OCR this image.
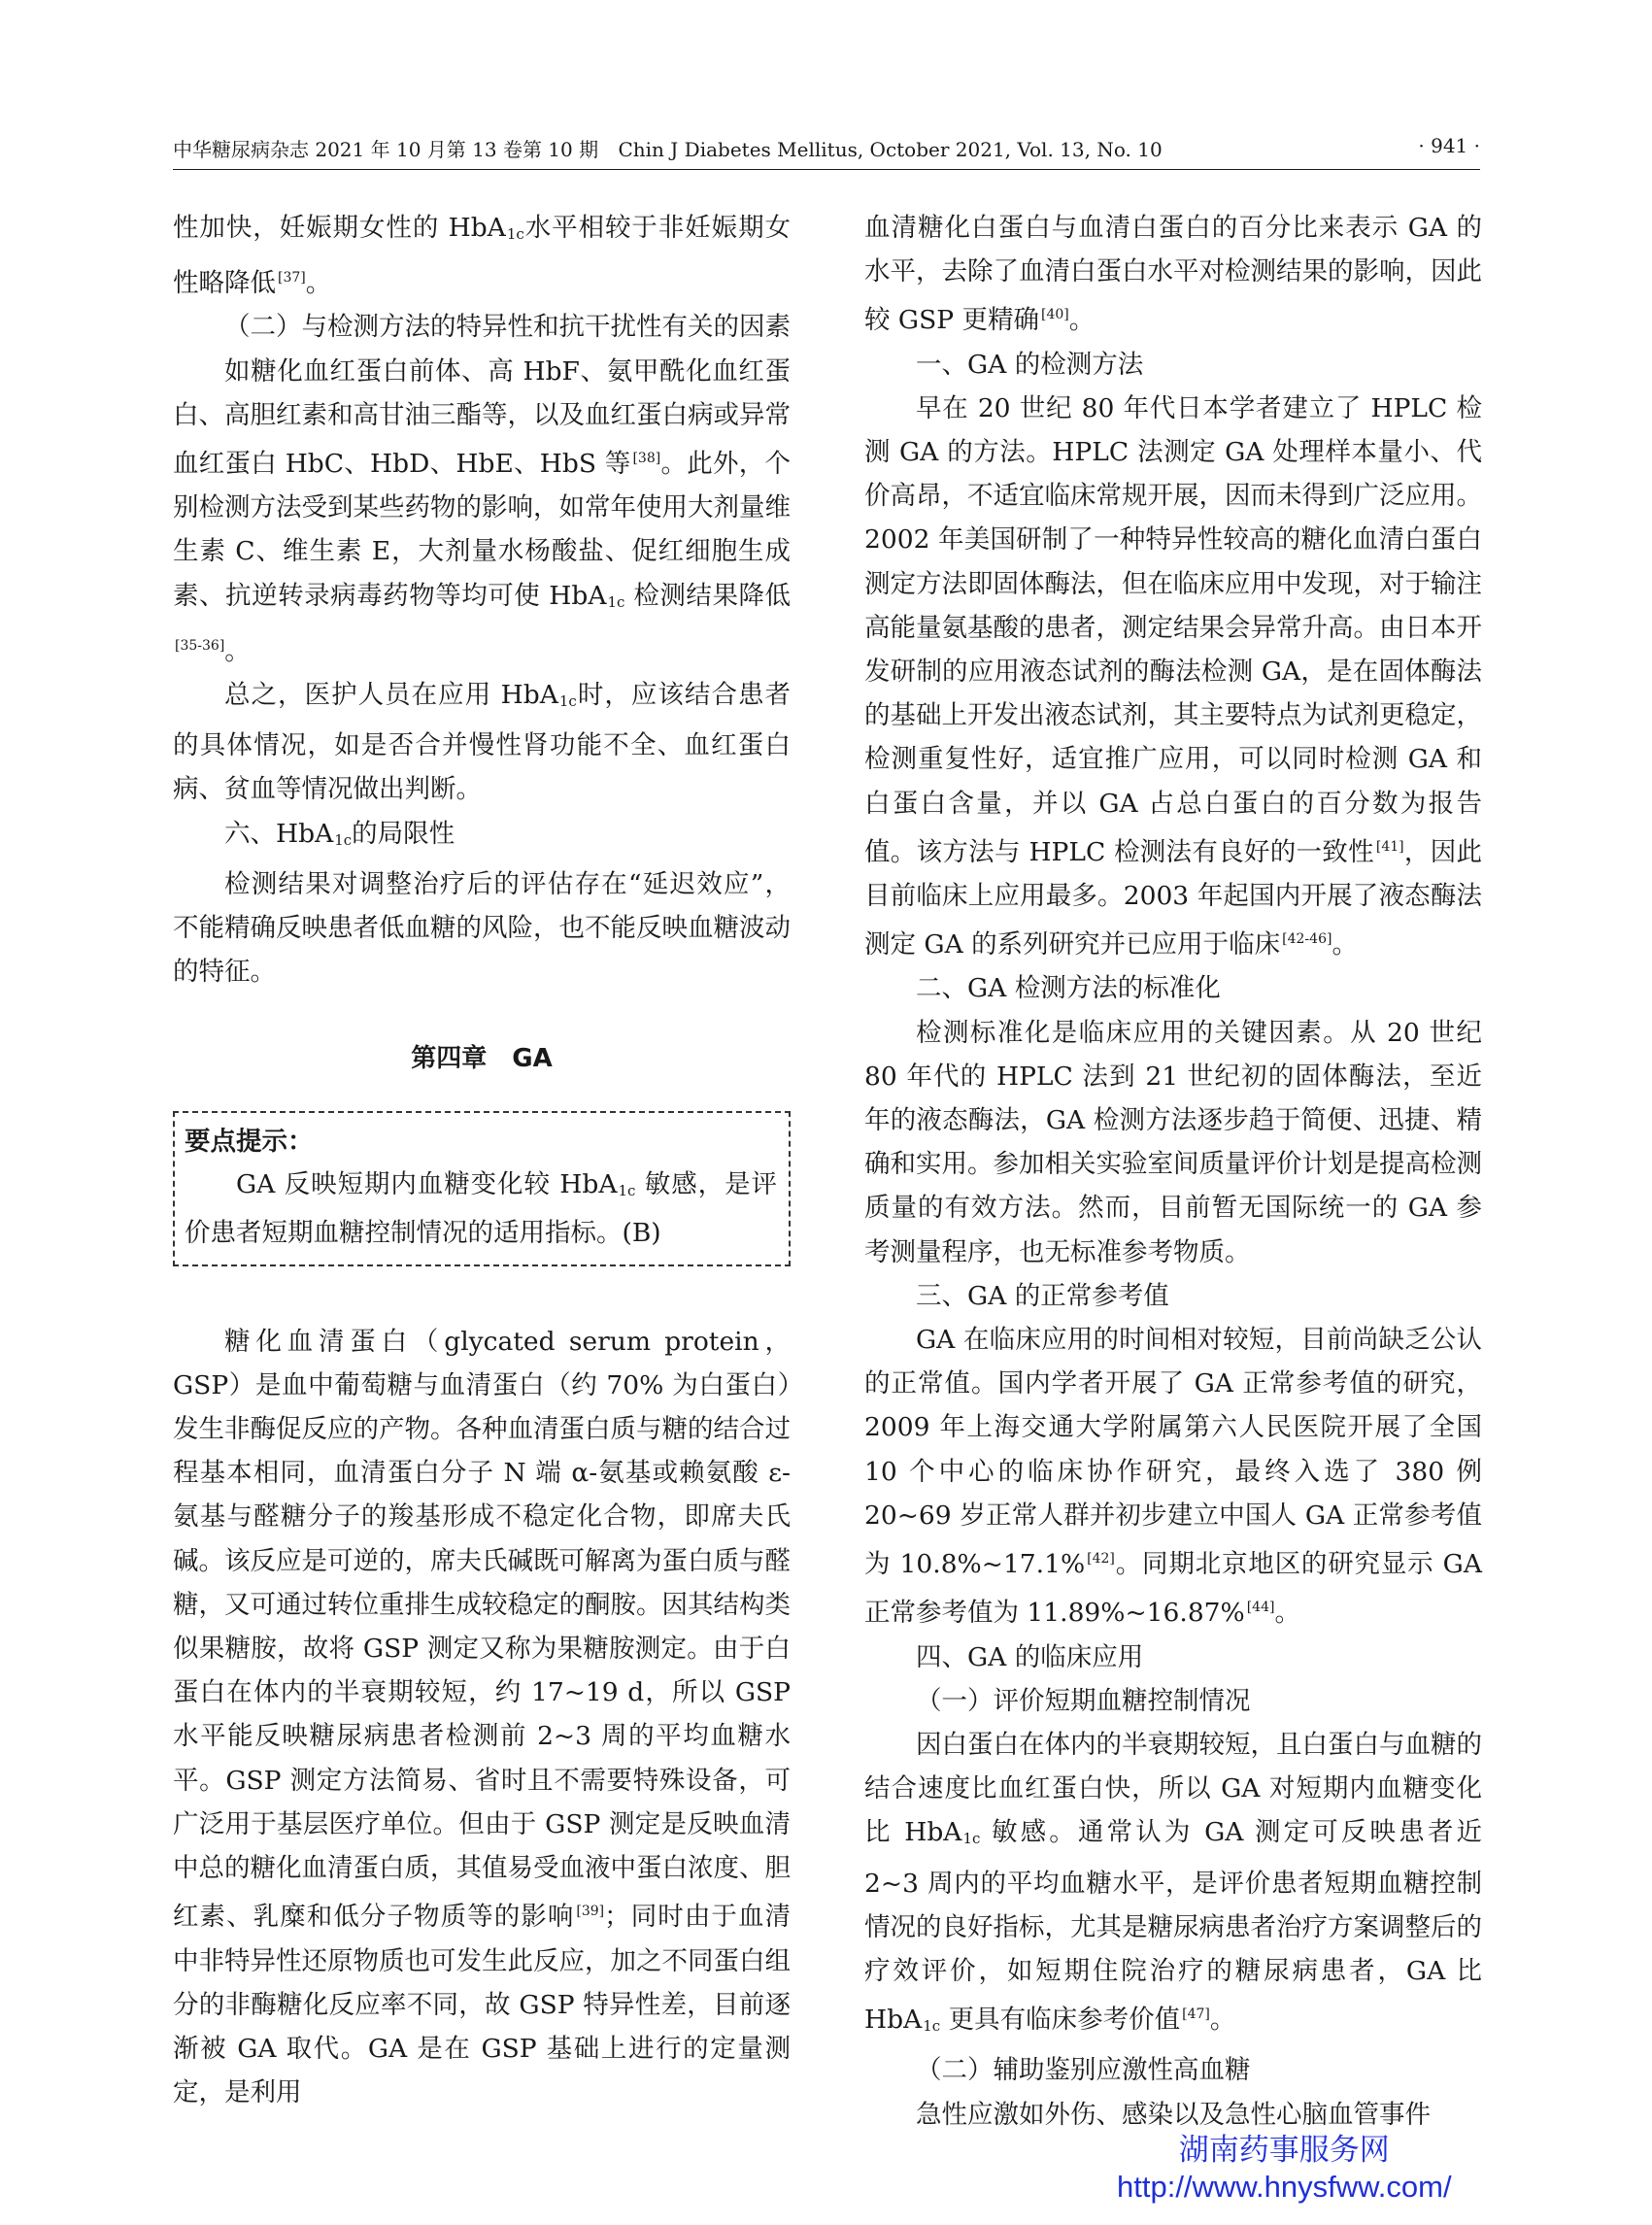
中华糖尿病杂志 2021 年 10 月第 13 卷第 10 期 Chin J Diabetes Mellitus, October 2021, Vol. 13, No. 10	· 941 ·

性加快，妊娠期女性的 HbA$_{1c}$水平相较于非妊娠期女性略降低 [37]。

（二）与检测方法的特异性和抗干扰性有关的因素

如糖化血红蛋白前体、高 HbF、氨甲酰化血红蛋白、高胆红素和高甘油三酯等，以及血红蛋白病或异常血红蛋白 HbC、HbD、HbE、HbS 等 [38]。此外，个别检测方法受到某些药物的影响，如常年使用大剂量维生素 C、维生素 E，大剂量水杨酸盐、促红细胞生成素、抗逆转录病毒药物等均可使 HbA$_{1c}$ 检测结果降低[35-36]。

总之，医护人员在应用 HbA$_{1c}$时，应该结合患者的具体情况，如是否合并慢性肾功能不全、血红蛋白病、贫血等情况做出判断。

六、HbA$_{1c}$的局限性

检测结果对调整治疗后的评估存在“延迟效应”，不能精确反映患者低血糖的风险，也不能反映血糖波动的特征。

第四章　GA

要点提示：

GA 反映短期内血糖变化较 HbA$_{1c}$ 敏感，是评价患者短期血糖控制情况的适用指标。(B)

糖化血清蛋白（glycated serum protein，GSP）是血中葡萄糖与血清蛋白（约 70% 为白蛋白）发生非酶促反应的产物。各种血清蛋白质与糖的结合过程基本相同，血清蛋白分子 N 端 α-氨基或赖氨酸 ε-氨基与醛糖分子的羧基形成不稳定化合物，即席夫氏碱。该反应是可逆的，席夫氏碱既可解离为蛋白质与醛糖，又可通过转位重排生成较稳定的酮胺。因其结构类似果糖胺，故将 GSP 测定又称为果糖胺测定。由于白蛋白在体内的半衰期较短，约 17~19 d，所以 GSP 水平能反映糖尿病患者检测前 2~3 周的平均血糖水平。GSP 测定方法简易、省时且不需要特殊设备，可广泛用于基层医疗单位。但由于 GSP 测定是反映血清中总的糖化血清蛋白质，其值易受血液中蛋白浓度、胆红素、乳糜和低分子物质等的影响 [39]；同时由于血清中非特异性还原物质也可发生此反应，加之不同蛋白组分的非酶糖化反应率不同，故 GSP 特异性差，目前逐渐被 GA 取代。GA 是在 GSP 基础上进行的定量测定，是利用

血清糖化白蛋白与血清白蛋白的百分比来表示 GA 的水平，去除了血清白蛋白水平对检测结果的影响，因此较 GSP 更精确 [40]。

一、GA 的检测方法

早在 20 世纪 80 年代日本学者建立了 HPLC 检测 GA 的方法。HPLC 法测定 GA 处理样本量小、代价高昂，不适宜临床常规开展，因而未得到广泛应用。2002 年美国研制了一种特异性较高的糖化血清白蛋白测定方法即固体酶法，但在临床应用中发现，对于输注高能量氨基酸的患者，测定结果会异常升高。由日本开发研制的应用液态试剂的酶法检测 GA，是在固体酶法的基础上开发出液态试剂，其主要特点为试剂更稳定，检测重复性好，适宜推广应用，可以同时检测 GA 和白蛋白含量，并以 GA 占总白蛋白的百分数为报告值。该方法与 HPLC 检测法有良好的一致性 [41]，因此目前临床上应用最多。2003 年起国内开展了液态酶法测定 GA 的系列研究并已应用于临床 [42-46]。

二、GA 检测方法的标准化

检测标准化是临床应用的关键因素。从 20 世纪 80 年代的 HPLC 法到 21 世纪初的固体酶法，至近年的液态酶法，GA 检测方法逐步趋于简便、迅捷、精确和实用。参加相关实验室间质量评价计划是提高检测质量的有效方法。然而，目前暂无国际统一的 GA 参考测量程序，也无标准参考物质。

三、GA 的正常参考值

GA 在临床应用的时间相对较短，目前尚缺乏公认的正常值。国内学者开展了 GA 正常参考值的研究，2009 年上海交通大学附属第六人民医院开展了全国 10 个中心的临床协作研究，最终入选了 380 例 20~69 岁正常人群并初步建立中国人 GA 正常参考值为 10.8%~17.1% [42]。同期北京地区的研究显示 GA 正常参考值为 11.89%~16.87% [44]。

四、GA 的临床应用

（一）评价短期血糖控制情况

因白蛋白在体内的半衰期较短，且白蛋白与血糖的结合速度比血红蛋白快，所以 GA 对短期内血糖变化比 HbA$_{1c}$ 敏感。通常认为 GA 测定可反映患者近 2~3 周内的平均血糖水平，是评价患者短期血糖控制情况的良好指标，尤其是糖尿病患者治疗方案调整后的疗效评价，如短期住院治疗的糖尿病患者，GA 比 HbA$_{1c}$ 更具有临床参考价值 [47]。

（二）辅助鉴别应激性高血糖

急性应激如外伤、感染以及急性心脑血管事件

湖南药事服务网
http://www.hnysfww.com/
